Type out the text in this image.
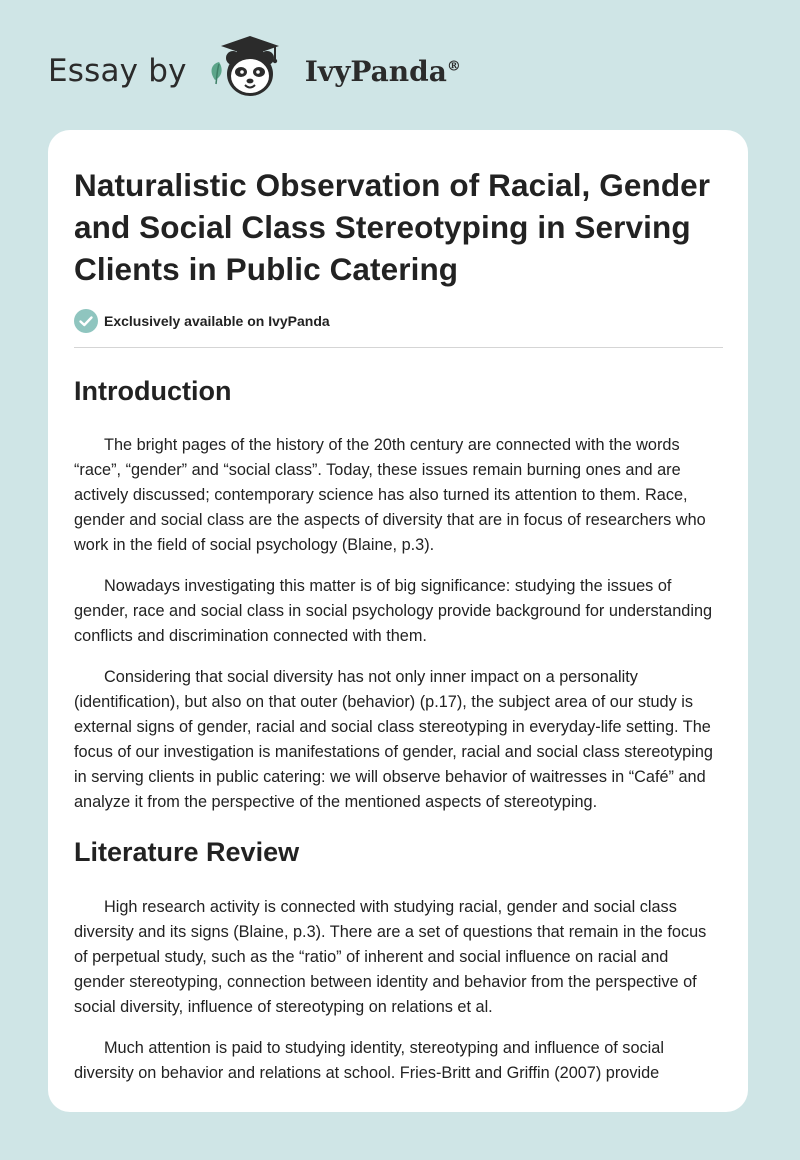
Essay by	IvyPanda®
Naturalistic Observation of Racial, Gender and Social Class Stereotyping in Serving Clients in Public Catering
Exclusively available on IvyPanda
Introduction

The bright pages of the history of the 20th century are connected with the words “race”, “gender” and “social class”. Today, these issues remain burning ones and are actively discussed; contemporary science has also turned its attention to them. Race, gender and social class are the aspects of diversity that are in focus of researchers who work in the field of social psychology (Blaine, p.3).

Nowadays investigating this matter is of big significance: studying the issues of gender, race and social class in social psychology provide background for understanding conflicts and discrimination connected with them.

Considering that social diversity has not only inner impact on a personality (identification), but also on that outer (behavior) (p.17), the subject area of our study is external signs of gender, racial and social class stereotyping in everyday-life setting. The focus of our investigation is manifestations of gender, racial and social class stereotyping in serving clients in public catering: we will observe behavior of waitresses in “Café” and analyze it from the perspective of the mentioned aspects of stereotyping.

Literature Review

High research activity is connected with studying racial, gender and social class diversity and its signs (Blaine, p.3). There are a set of questions that remain in the focus of perpetual study, such as the “ratio” of inherent and social influence on racial and gender stereotyping, connection between identity and behavior from the perspective of social diversity, influence of stereotyping on relations et al.

Much attention is paid to studying identity, stereotyping and influence of social diversity on behavior and relations at school. Fries-Britt and Griffin (2007) provide
